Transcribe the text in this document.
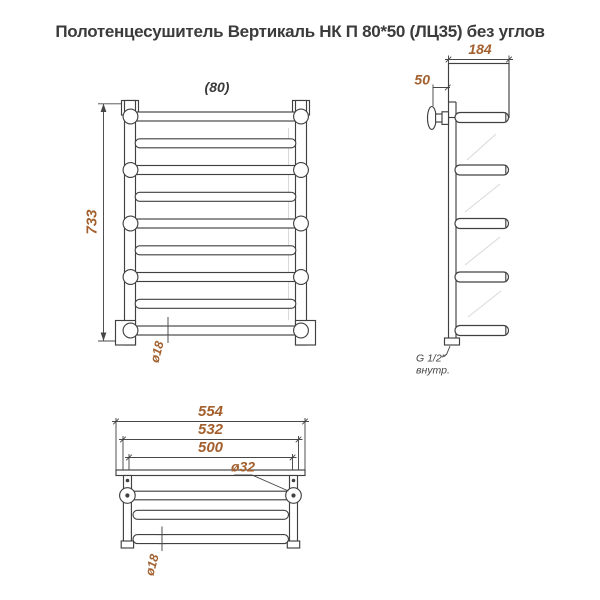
Полотенцесушитель Вертикаль НК П 80*50 (ЛЦ35) без углов
733
(80)
ø18
184
50
G 1/2"
внутр.
554
532
500
ø32
ø18
